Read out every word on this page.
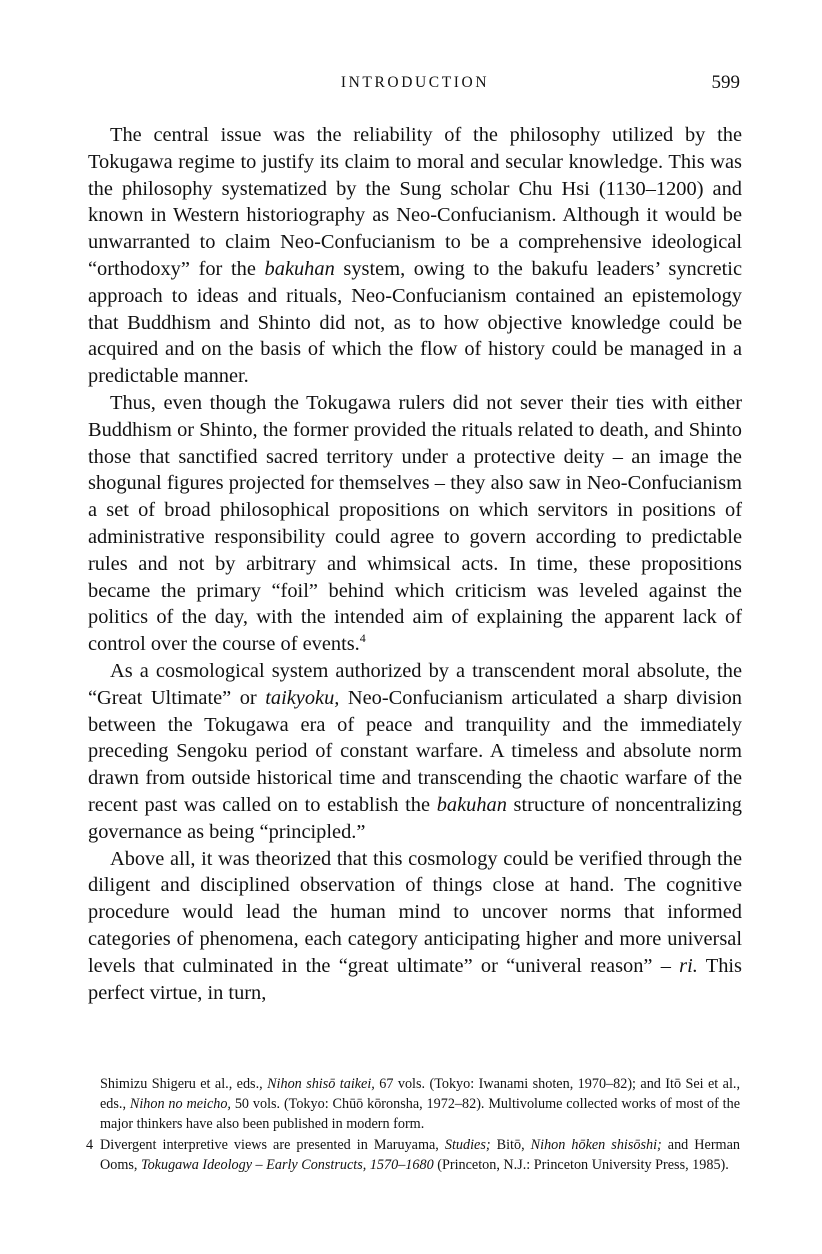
INTRODUCTION	599

The central issue was the reliability of the philosophy utilized by the Tokugawa regime to justify its claim to moral and secular knowledge. This was the philosophy systematized by the Sung scholar Chu Hsi (1130–1200) and known in Western historiography as Neo-Confucianism. Although it would be unwarranted to claim Neo-Confucianism to be a comprehensive ideological “orthodoxy” for the bakuhan system, owing to the bakufu leaders’ syncretic approach to ideas and rituals, Neo-Confucianism contained an epistemology that Buddhism and Shinto did not, as to how objective knowledge could be acquired and on the basis of which the flow of history could be managed in a predictable manner.

Thus, even though the Tokugawa rulers did not sever their ties with either Buddhism or Shinto, the former provided the rituals related to death, and Shinto those that sanctified sacred territory under a protective deity – an image the shogunal figures projected for themselves – they also saw in Neo-Confucianism a set of broad philosophical propositions on which servitors in positions of administrative responsibility could agree to govern according to predictable rules and not by arbitrary and whimsical acts. In time, these propositions became the primary “foil” behind which criticism was leveled against the politics of the day, with the intended aim of explaining the apparent lack of control over the course of events.$^4$

As a cosmological system authorized by a transcendent moral absolute, the “Great Ultimate” or taikyoku, Neo-Confucianism articulated a sharp division between the Tokugawa era of peace and tranquility and the immediately preceding Sengoku period of constant warfare. A timeless and absolute norm drawn from outside historical time and transcending the chaotic warfare of the recent past was called on to establish the bakuhan structure of noncentralizing governance as being “principled.”

Above all, it was theorized that this cosmology could be verified through the diligent and disciplined observation of things close at hand. The cognitive procedure would lead the human mind to uncover norms that informed categories of phenomena, each category anticipating higher and more universal levels that culminated in the “great ultimate” or “univeral reason” – ri. This perfect virtue, in turn,

Shimizu Shigeru et al., eds., Nihon shisō taikei, 67 vols. (Tokyo: Iwanami shoten, 1970–82); and Itō Sei et al., eds., Nihon no meicho, 50 vols. (Tokyo: Chūō kōronsha, 1972–82). Multivolume collected works of most of the major thinkers have also been published in modern form.

4 Divergent interpretive views are presented in Maruyama, Studies; Bitō, Nihon hōken shisōshi; and Herman Ooms, Tokugawa Ideology – Early Constructs, 1570–1680 (Princeton, N.J.: Princeton University Press, 1985).
